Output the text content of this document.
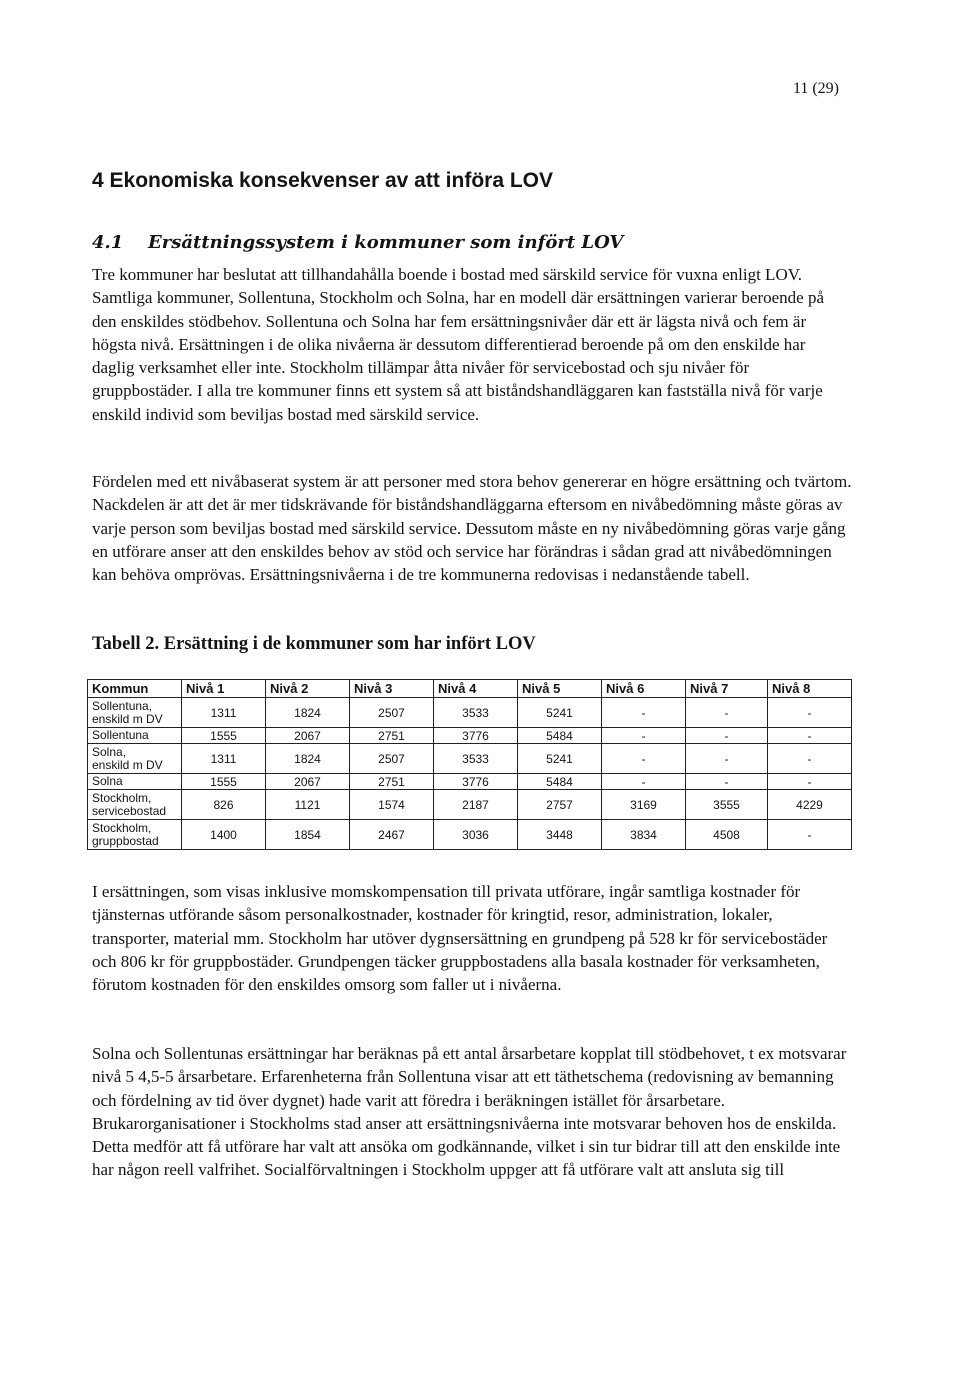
11 (29)
4 Ekonomiska konsekvenser av att införa LOV
4.1 Ersättningssystem i kommuner som infört LOV

Tre kommuner har beslutat att tillhandahålla boende i bostad med särskild service för vuxna enligt LOV. Samtliga kommuner, Sollentuna, Stockholm och Solna, har en modell där ersättningen varierar beroende på den enskildes stödbehov. Sollentuna och Solna har fem ersättningsnivåer där ett är lägsta nivå och fem är högsta nivå. Ersättningen i de olika nivåerna är dessutom differentierad beroende på om den enskilde har daglig verksamhet eller inte. Stockholm tillämpar åtta nivåer för servicebostad och sju nivåer för gruppbostäder. I alla tre kommuner finns ett system så att biståndshandläggaren kan fastställa nivå för varje enskild individ som beviljas bostad med särskild service.

Fördelen med ett nivåbaserat system är att personer med stora behov genererar en högre ersättning och tvärtom. Nackdelen är att det är mer tidskrävande för biståndshandläggarna eftersom en nivåbedömning måste göras av varje person som beviljas bostad med särskild service. Dessutom måste en ny nivåbedömning göras varje gång en utförare anser att den enskildes behov av stöd och service har förändras i sådan grad att nivåbedömningen kan behöva omprövas. Ersättningsnivåerna i de tre kommunerna redovisas i nedanstående tabell.

Tabell 2. Ersättning i de kommuner som har infört LOV
Kommun	Nivå 1	Nivå 2	Nivå 3	Nivå 4	Nivå 5	Nivå 6	Nivå 7	Nivå 8
Sollentuna,
enskild m DV	1311	1824	2507	3533	5241	-	-	-
Sollentuna	1555	2067	2751	3776	5484	-	-	-
Solna,
enskild m DV	1311	1824	2507	3533	5241	-	-	-
Solna	1555	2067	2751	3776	5484	-	-	-
Stockholm,
servicebostad	826	1121	1574	2187	2757	3169	3555	4229
Stockholm,
gruppbostad	1400	1854	2467	3036	3448	3834	4508	-

I ersättningen, som visas inklusive momskompensation till privata utförare, ingår samtliga kostnader för tjänsternas utförande såsom personalkostnader, kostnader för kringtid, resor, administration, lokaler, transporter, material mm. Stockholm har utöver dygnsersättning en grundpeng på 528 kr för servicebostäder och 806 kr för gruppbostäder. Grundpengen täcker gruppbostadens alla basala kostnader för verksamheten, förutom kostnaden för den enskildes omsorg som faller ut i nivåerna.

Solna och Sollentunas ersättningar har beräknas på ett antal årsarbetare kopplat till stödbehovet, t ex motsvarar nivå 5 4,5-5 årsarbetare. Erfarenheterna från Sollentuna visar att ett täthetschema (redovisning av bemanning och fördelning av tid över dygnet) hade varit att föredra i beräkningen istället för årsarbetare. Brukarorganisationer i Stockholms stad anser att ersättningsnivåerna inte motsvarar behoven hos de enskilda. Detta medför att få utförare har valt att ansöka om godkännande, vilket i sin tur bidrar till att den enskilde inte har någon reell valfrihet. Socialförvaltningen i Stockholm uppger att få utförare valt att ansluta sig till
